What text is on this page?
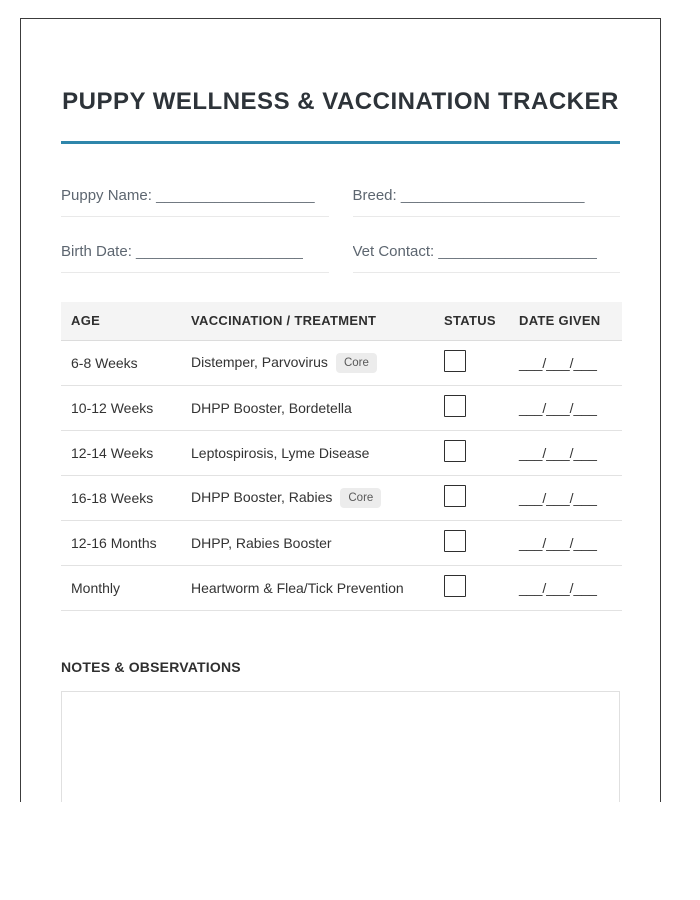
PUPPY WELLNESS & VACCINATION TRACKER
Puppy Name: ___________________	Breed: ______________________
Birth Date: ____________________	Vet Contact: ___________________
AGE	VACCINATION / TREATMENT	STATUS	DATE GIVEN
6-8 Weeks	Distemper, Parvovirus Core		___/___/___
10-12 Weeks	DHPP Booster, Bordetella		___/___/___
12-14 Weeks	Leptospirosis, Lyme Disease		___/___/___
16-18 Weeks	DHPP Booster, Rabies Core		___/___/___
12-16 Months	DHPP, Rabies Booster		___/___/___
Monthly	Heartworm & Flea/Tick Prevention		___/___/___
NOTES & OBSERVATIONS
